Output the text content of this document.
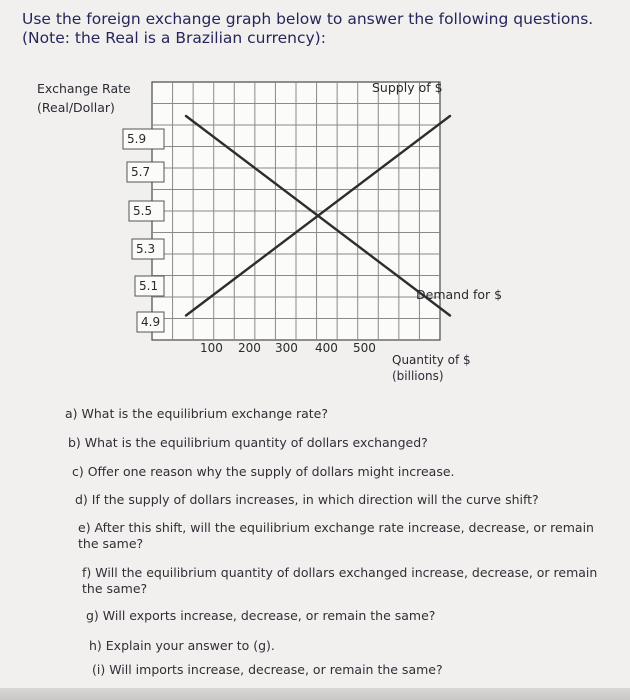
Use the foreign exchange graph below to answer the following questions. (Note: the Real is a Brazilian currency):
Exchange Rate
(Real/Dollar)
5.9
5.7
5.5
5.3
5.1
4.9
100 200 300 400 500
Supply of $
Demand for $
Quantity of $
(billions)
a) What is the equilibrium exchange rate?
b) What is the equilibrium quantity of dollars exchanged?
c) Offer one reason why the supply of dollars might increase.
d) If the supply of dollars increases, in which direction will the curve shift?
e) After this shift, will the equilibrium exchange rate increase, decrease, or remain the same?
f) Will the equilibrium quantity of dollars exchanged increase, decrease, or remain the same?
g) Will exports increase, decrease, or remain the same?
h) Explain your answer to (g).
(i) Will imports increase, decrease, or remain the same?
